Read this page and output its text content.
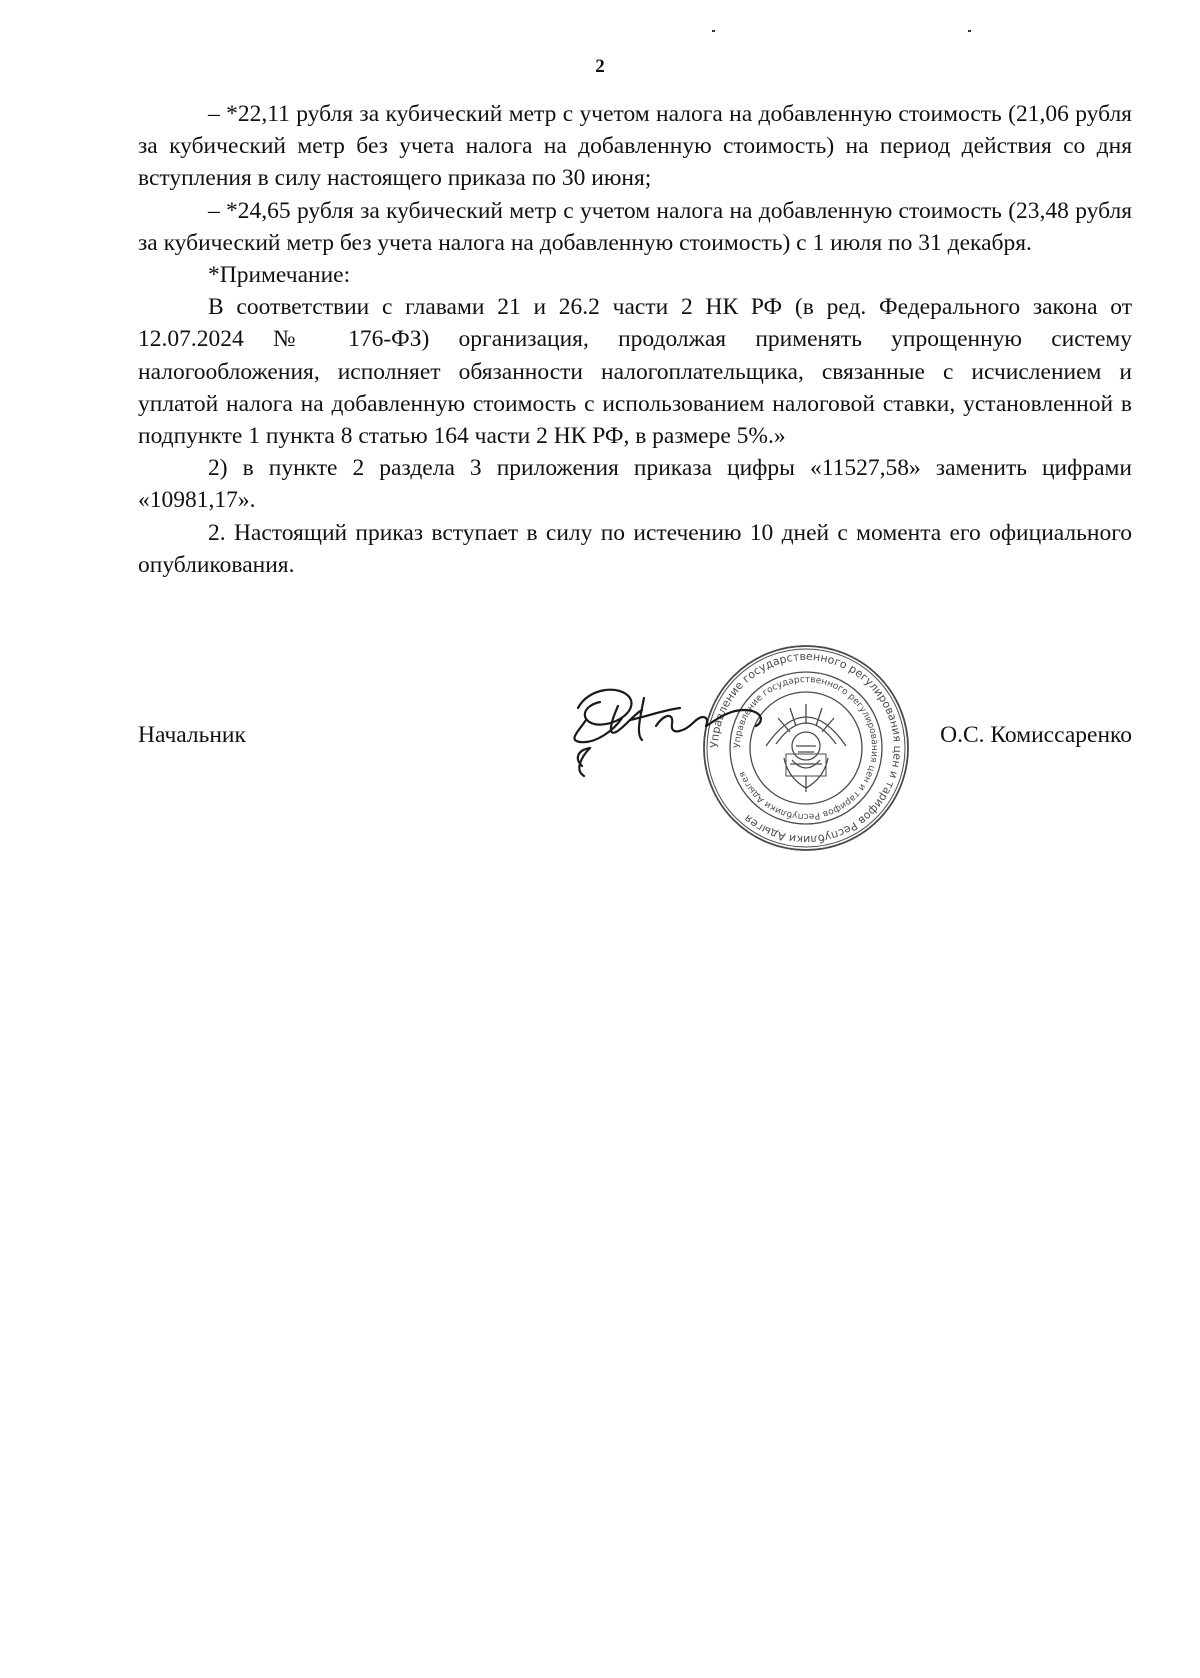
2

– *22,11 рубля за кубический метр с учетом налога на добавленную стоимость (21,06 рубля за кубический метр без учета налога на добавленную стоимость) на период действия со дня вступления в силу настоящего приказа по 30 июня;

– *24,65 рубля за кубический метр с учетом налога на добавленную стоимость (23,48 рубля за кубический метр без учета налога на добавленную стоимость) с 1 июля по 31 декабря.

*Примечание:

В соответствии с главами 21 и 26.2 части 2 НК РФ (в ред. Федерального закона от 12.07.2024 № 176-ФЗ) организация, продолжая применять упрощенную систему налогообложения, исполняет обязанности налогоплательщика, связанные с исчислением и уплатой налога на добавленную стоимость с использованием налоговой ставки, установленной в подпункте 1 пункта 8 статью 164 части 2 НК РФ, в размере 5%.»

2) в пункте 2 раздела 3 приложения приказа цифры «11527,58» заменить цифрами «10981,17».

2. Настоящий приказ вступает в силу по истечению 10 дней с момента его официального опубликования.

Начальник	О.С. Комиссаренко
Управление государственного регулирования цен и тарифов Республики Адыгея
Управление государственного регулирования цен и тарифов Республики Адыгея
